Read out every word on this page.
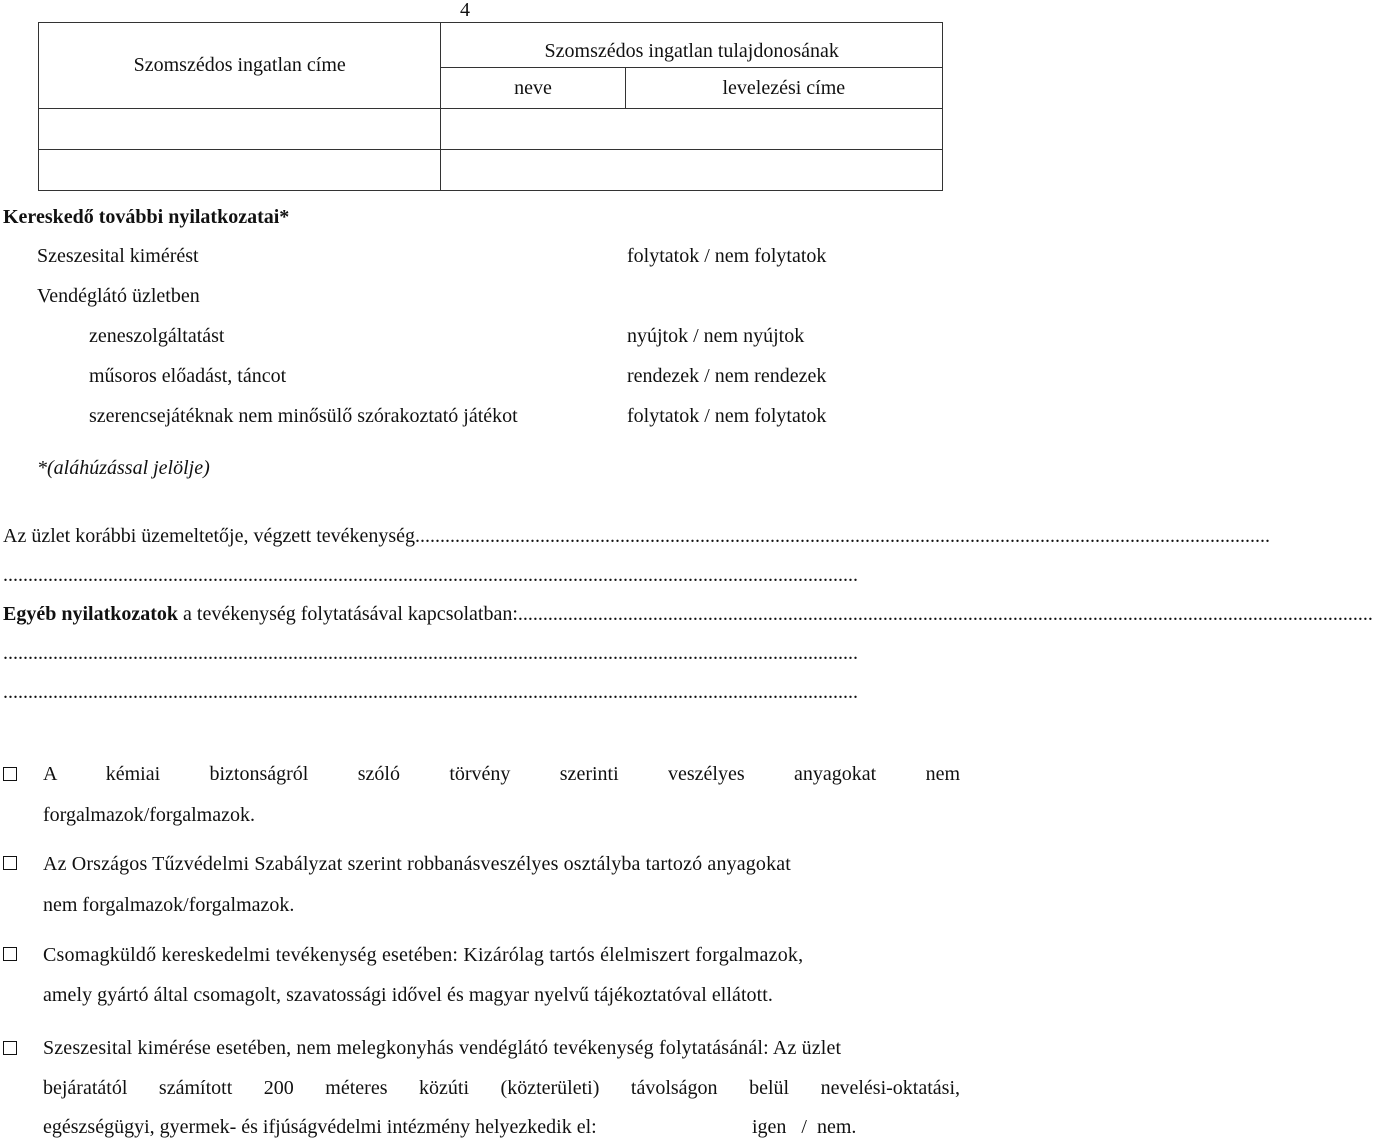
4
Szomszédos ingatlan címe	Szomszédos ingatlan tulajdonosának	
	neve	levelezési címe

Kereskedő további nyilatkozatai*
Szeszesital kimérést	folytatok / nem folytatok
Vendéglátó üzletben
zeneszolgáltatást	nyújtok / nem nyújtok
műsoros előadást, táncot	rendezek / nem rendezek
szerencsejátéknak nem minősülő szórakoztató játékot	folytatok / nem folytatok
*(aláhúzással jelölje)
Az üzlet korábbi üzemeltetője, végzett tevékenység...........................................................................................................................................................................
...........................................................................................................................................................................
Egyéb nyilatkozatok a tevékenység folytatásával kapcsolatban:...........................................................................................................................................................................
...........................................................................................................................................................................
...........................................................................................................................................................................
A kémiai biztonságról szóló törvény szerinti veszélyes anyagokat nem
forgalmazok/forgalmazok.
Az Országos Tűzvédelmi Szabályzat szerint robbanásveszélyes osztályba tartozó anyagokat
nem forgalmazok/forgalmazok.
Csomagküldő kereskedelmi tevékenység esetében: Kizárólag tartós élelmiszert forgalmazok,
amely gyártó által csomagolt, szavatossági idővel és magyar nyelvű tájékoztatóval ellátott.
Szeszesital kimérése esetében, nem melegkonyhás vendéglátó tevékenység folytatásánál: Az üzlet
bejáratától számított 200 méteres közúti (közterületi) távolságon belül nevelési-oktatási,
egészségügyi, gyermek- és ifjúságvédelmi intézmény helyezkedik el:	igen   /  nem.
